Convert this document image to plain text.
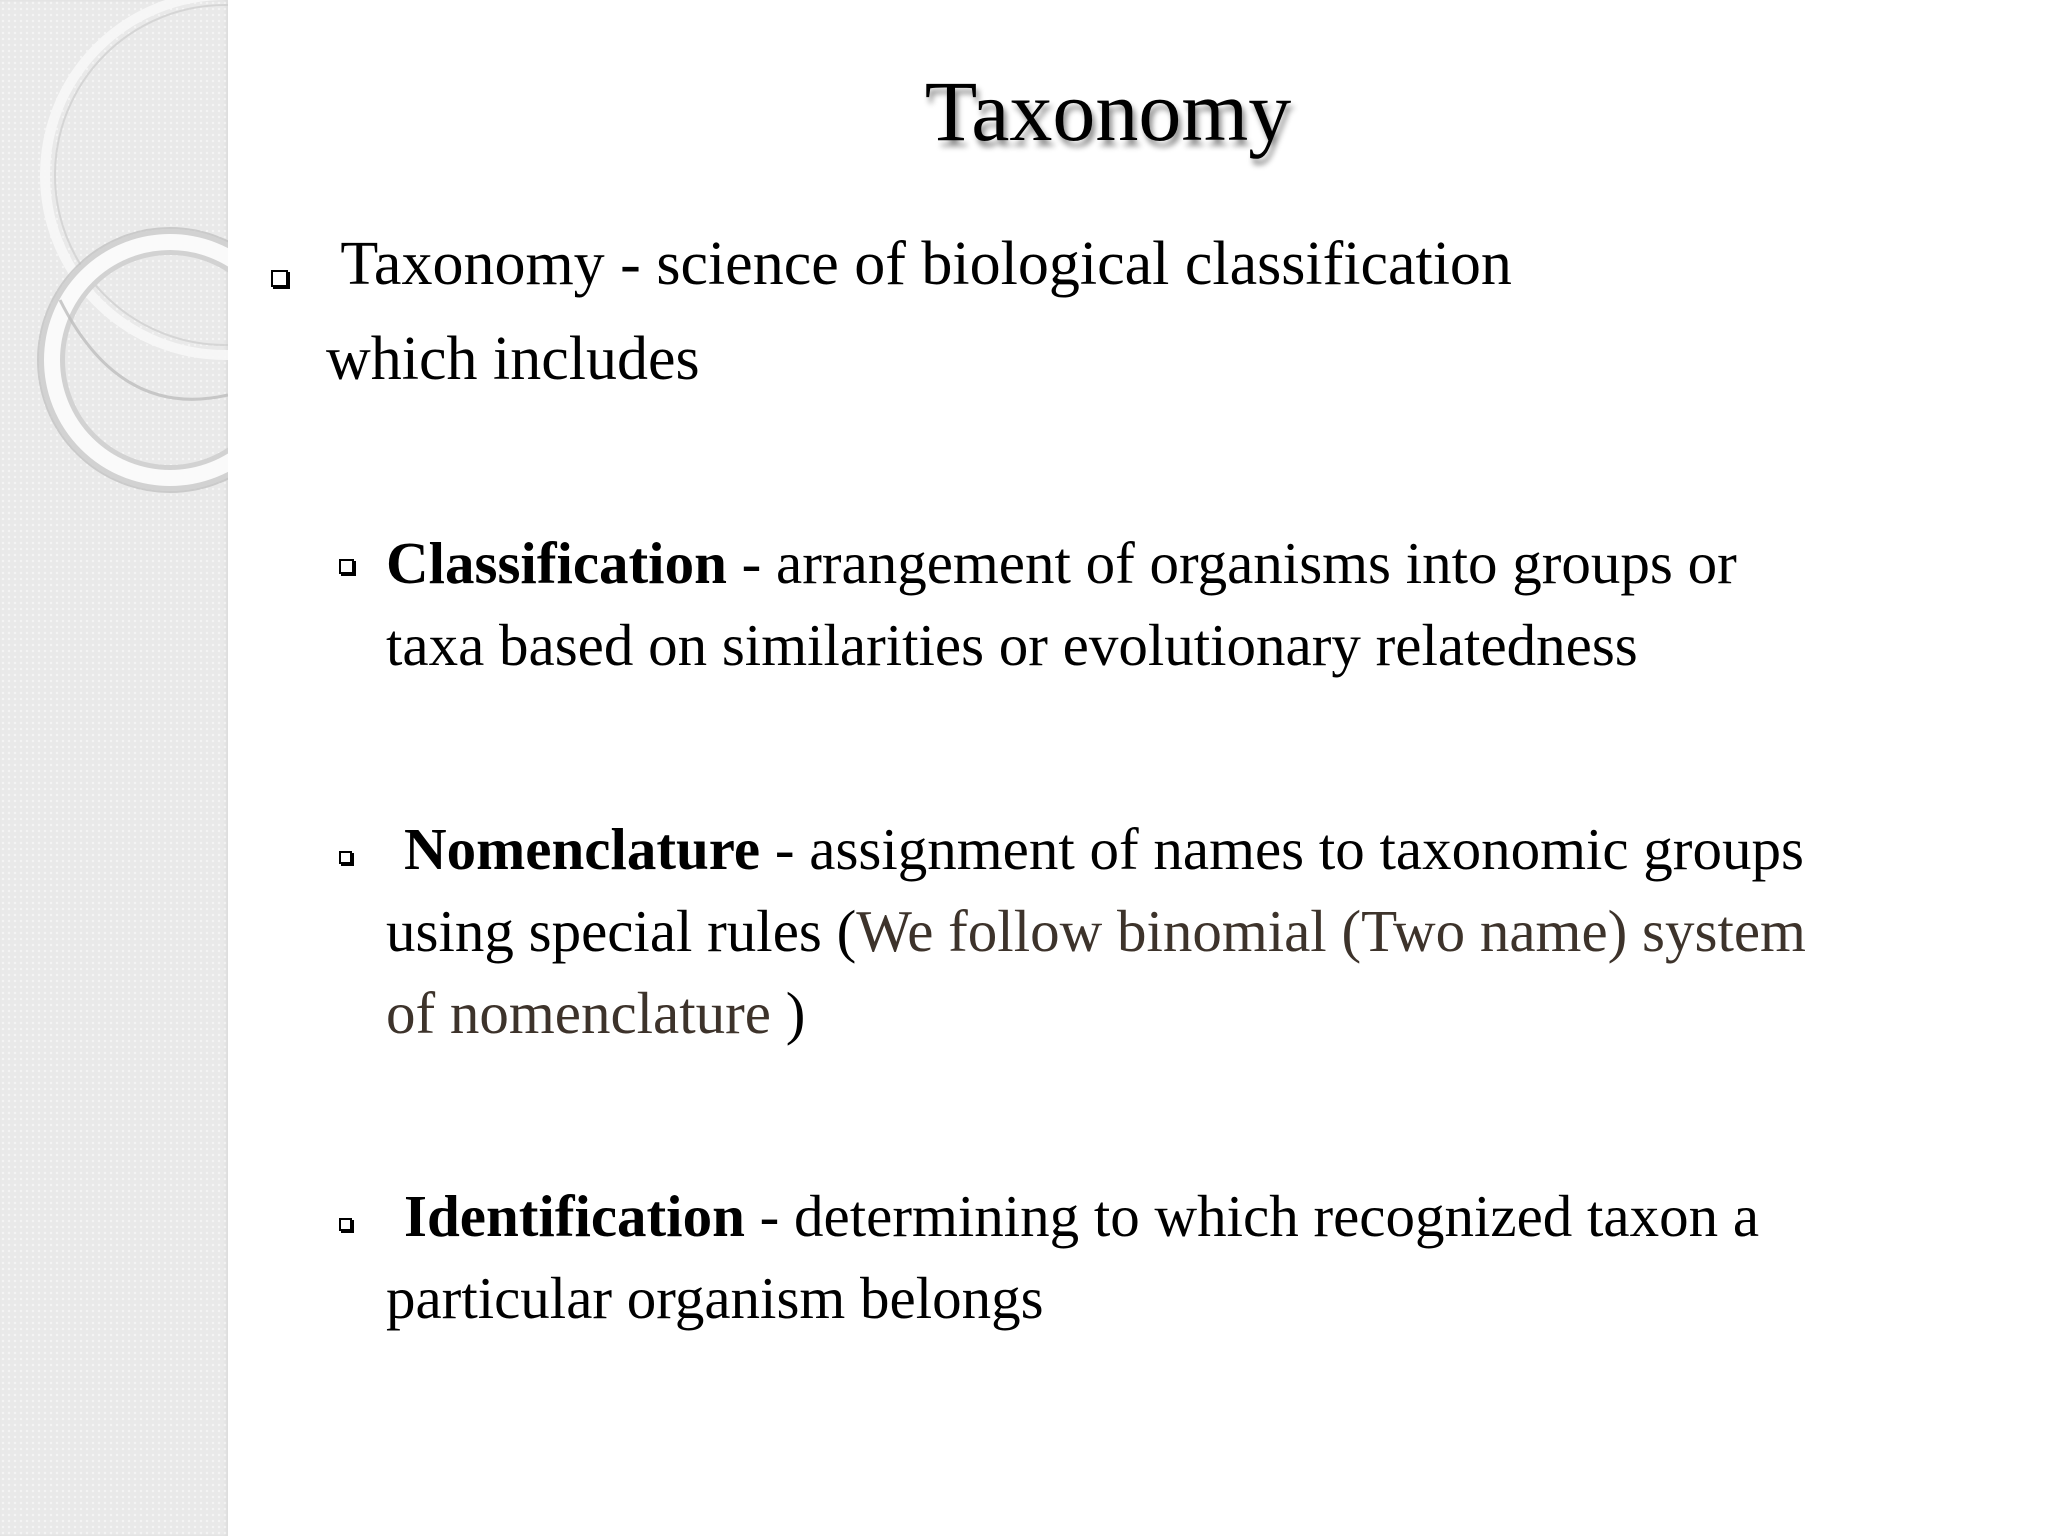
Taxonomy
Taxonomy - science of biological classification
which includes
Classification - arrangement of organisms into groups or
taxa based on similarities or evolutionary relatedness
Nomenclature - assignment of names to taxonomic groups
using special rules (We follow binomial (Two name) system
of nomenclature )
Identification - determining to which recognized taxon a
particular organism belongs
